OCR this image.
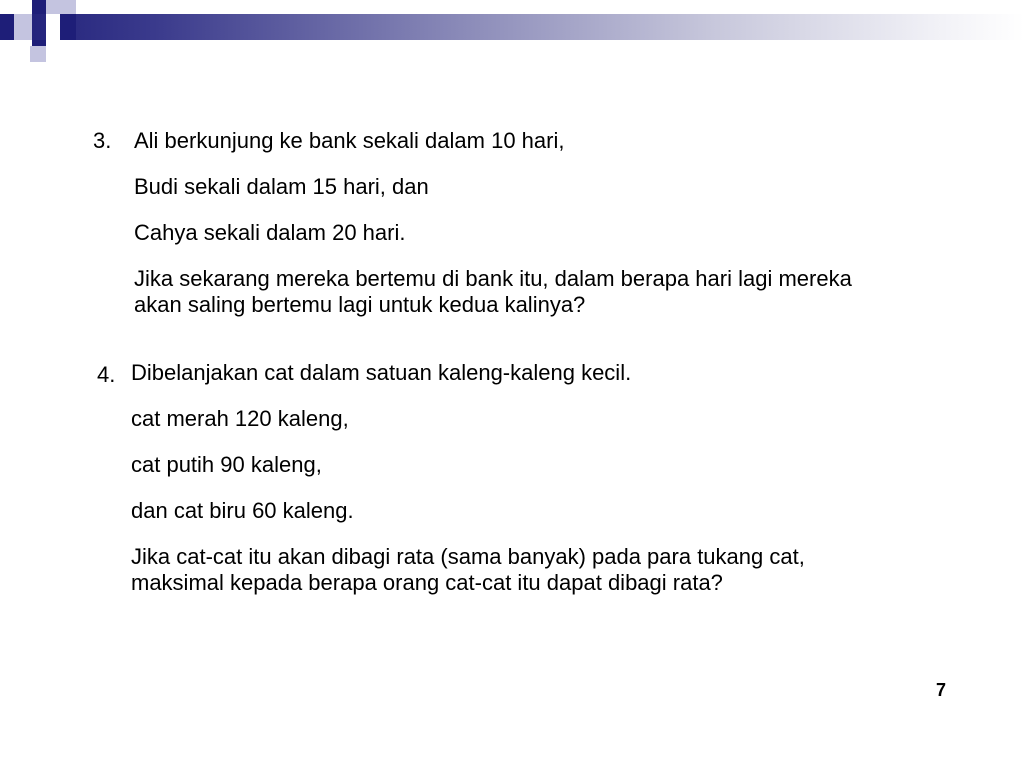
3. Ali berkunjung ke bank sekali dalam 10 hari,

Budi sekali dalam 15 hari, dan

Cahya sekali dalam 20 hari.

Jika sekarang mereka bertemu di bank itu, dalam berapa hari lagi mereka akan saling bertemu lagi untuk kedua kalinya?

4. Dibelanjakan cat dalam satuan kaleng-kaleng kecil.

cat merah 120 kaleng,

cat putih 90 kaleng,

dan cat biru 60 kaleng.

Jika cat-cat itu akan dibagi rata (sama banyak) pada para tukang cat, maksimal kepada berapa orang cat-cat itu dapat dibagi rata?

7
